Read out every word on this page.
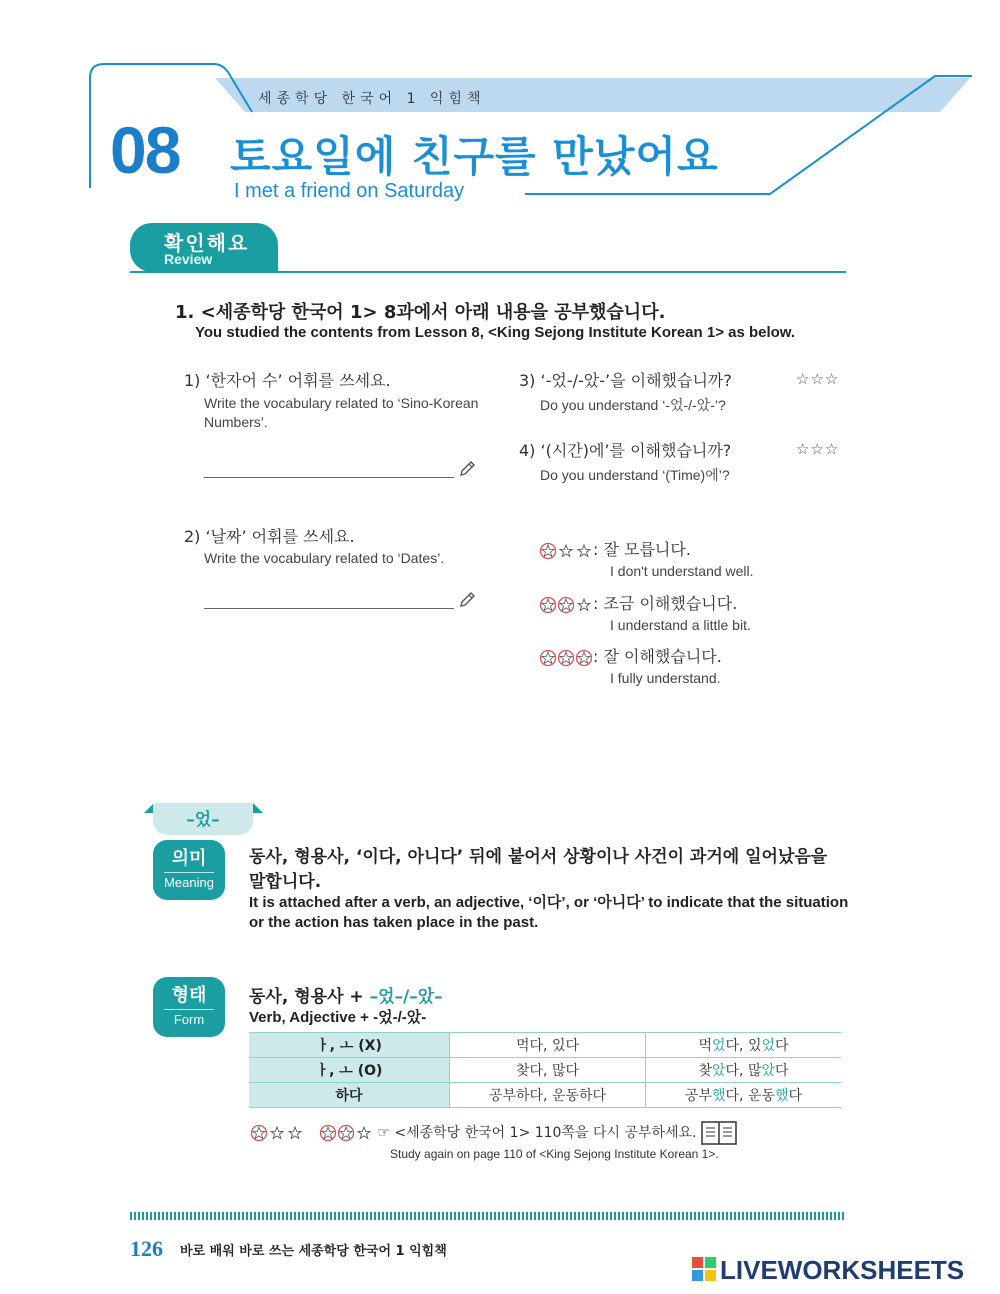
세종학당 한국어 1 익힘책
08 토요일에 친구를 만났어요
I met a friend on Saturday
확인해요
Review
1. <세종학당 한국어 1> 8과에서 아래 내용을 공부했습니다.
You studied the contents from Lesson 8, <King Sejong Institute Korean 1> as below.
1) ‘한자어 수’ 어휘를 쓰세요.
Write the vocabulary related to ‘Sino-Korean Numbers’.
2) ‘날짜’ 어휘를 쓰세요.
Write the vocabulary related to ‘Dates’.
3) ‘-었-/-았-’을 이해했습니까?	☆☆☆
Do you understand ‘-었-/-았-’?
4) ‘(시간)에’를 이해했습니까?	☆☆☆
Do you understand ‘(Time)에’?
: 잘 모릅니다.
I don't understand well.
: 조금 이해했습니다.
I understand a little bit.
: 잘 이해했습니다.
I fully understand.
–었–
의미
Meaning
동사, 형용사, ‘이다, 아니다’ 뒤에 붙어서 상황이나 사건이 과거에 일어났음을 말합니다.
It is attached after a verb, an adjective, ‘이다’, or ‘아니다’ to indicate that the situation or the action has taken place in the past.
형태
Form
동사, 형용사 + –었–/–았–
Verb, Adjective + -었-/-았-
ㅏ, ㅗ (X)	먹다, 있다	먹었다, 있었다
ㅏ, ㅗ (O)	찾다, 많다	찾았다, 많았다
하다	공부하다, 운동하다	공부했다, 운동했다
☞ <세종학당 한국어 1> 110쪽을 다시 공부하세요.
Study again on page 110 of <King Sejong Institute Korean 1>.
126 바로 배워 바로 쓰는 세종학당 한국어 1 익힘책
LIVEWORKSHEETS
